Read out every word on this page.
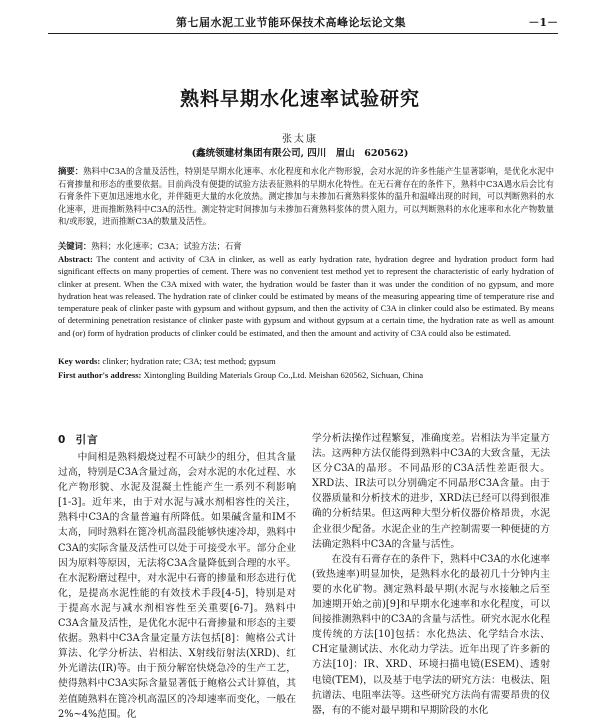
第七届水泥工业节能环保技术高峰论坛论文集	－1－
熟料早期水化速率试验研究
张太康
(鑫统领建材集团有限公司, 四川　眉山　620562)
摘要：熟料中C3A的含量及活性，特别是早期水化速率、水化程度和水化产物形貌，会对水泥的许多性能产生显著影响，是优化水泥中石膏掺量和形态的重要依据。目前尚没有便捷的试验方法表征熟料的早期水化特性。在无石膏存在的条件下，熟料中C3A遇水后会比有石膏条件下更加迅速地水化，并伴随更大量的水化放热。测定掺加与未掺加石膏熟料浆体的温升和温峰出现的时间，可以判断熟料的水化速率，进而推断熟料中C3A的活性。测定特定时间掺加与未掺加石膏熟料浆体的贯入阻力，可以判断熟料的水化速率和水化产物数量和/或形貌，进而推断C3A的数量及活性。
关键词：熟料；水化速率；C3A；试验方法；石膏
Abstract: The content and activity of C3A in clinker, as well as early hydration rate, hydration degree and hydration product form had significant effects on many properties of cement. There was no convenient test method yet to represent the characteristic of early hydration of clinker at present. When the C3A mixed with water, the hydration would be faster than it was under the condition of no gypsum, and more hydration heat was released. The hydration rate of clinker could be estimated by means of the measuring appearing time of temperature rise and temperature peak of clinker paste with gypsum and without gypsum, and then the activity of C3A in clinker could also be estimated. By means of determining penetration resistance of clinker paste with gypsum and without gypsum at a certain time, the hydration rate as well as amount and (or) form of hydration products of clinker could be estimated, and then the amount and activity of C3A could also be estimated.
Key words: clinker; hydration rate; C3A; test method; gypsum
First author's address: Xintongling Building Materials Group Co.,Ltd. Meishan 620562, Sichuan, China
0 引言

中间相是熟料煅烧过程不可缺少的组分，但其含量过高，特别是C3A含量过高，会对水泥的水化过程、水化产物形貌、水泥及混凝土性能产生一系列不利影响[1-3]。近年来，由于对水泥与减水剂相容性的关注，熟料中C3A的含量普遍有所降低。如果碱含量和IM不太高，同时熟料在篦冷机高温段能够快速冷却，熟料中C3A的实际含量及活性可以处于可接受水平。部分企业因为原料等原因，无法将C3A含量降低到合理的水平。在水泥粉磨过程中，对水泥中石膏的掺量和形态进行优化，是提高水泥性能的有效技术手段[4-5]，特别是对于提高水泥与减水剂相容性至关重要[6-7]。熟料中C3A含量及活性，是优化水泥中石膏掺量和形态的主要依据。熟料中C3A含量定量方法包括[8]：鲍格公式计算法、化学分析法、岩相法、X射线衍射法(XRD)、红外光谱法(IR)等。由于预分解窑快烧急冷的生产工艺，使得熟料中C3A实际含量显著低于鲍格公式计算值，其差值随熟料在篦冷机高温区的冷却速率而变化，一般在2%~4%范围。化

学分析法操作过程繁复，准确度差。岩相法为半定量方法。这两种方法仅能得到熟料中C3A的大致含量，无法区分C3A的晶形。不同晶形的C3A活性差距很大。XRD法、IR法可以分别确定不同晶形C3A含量。由于仪器质量和分析技术的进步，XRD法已经可以得到很准确的分析结果。但这两种大型分析仪器价格昂贵，水泥企业很少配备。水泥企业的生产控制需要一种便捷的方法确定熟料中C3A的含量与活性。

在没有石膏存在的条件下，熟料中C3A的水化速率(致热速率)明显加快，是熟料水化的最初几十分钟内主要的水化矿物。测定熟料最早期(水泥与水接触之后至加速期开始之前)[9]和早期水化速率和水化程度，可以间接推测熟料中的C3A的含量与活性。研究水泥水化程度传统的方法[10]包括：水化热法、化学结合水法、CH定量测试法、水化动力学法。近年出现了许多新的方法[10]：IR、XRD、环境扫描电镜(ESEM)、透射电镜(TEM)，以及基于电学法的研究方法：电极法、阻抗谱法、电阻率法等。这些研究方法尚有需要昂贵的仪器，有的不能对最早期和早期阶段的水化
